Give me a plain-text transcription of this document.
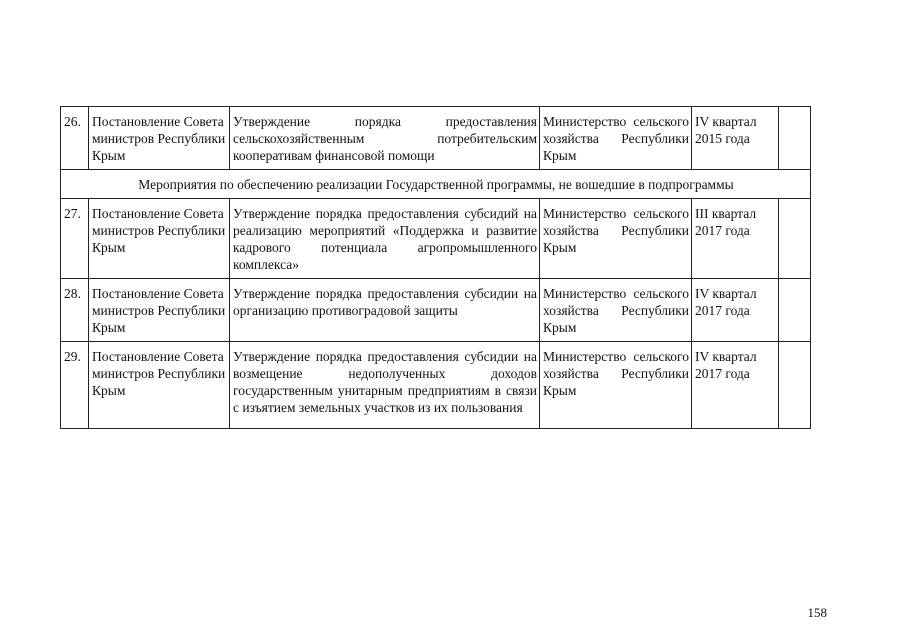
26.	Постановление Совета министров Республики Крым	Утверждение порядка предоставления сельскохозяйственным потребительским кооперативам финансовой помощи	Министерство сельского хозяйства Республики Крым	IV квартал 2015 года	
Мероприятия по обеспечению реализации Государственной программы, не вошедшие в подпрограммы					
27.	Постановление Совета министров Республики Крым	Утверждение порядка предоставления субсидий на реализацию мероприятий «Поддержка и развитие кадрового потенциала агропромышленного комплекса»	Министерство сельского хозяйства Республики Крым	III квартал 2017 года	
28.	Постановление Совета министров Республики Крым	Утверждение порядка предоставления субсидии на организацию противоградовой защиты	Министерство сельского хозяйства Республики Крым	IV квартал 2017 года	
29.	Постановление Совета министров Республики Крым	Утверждение порядка предоставления субсидии на возмещение недополученных доходов государственным унитарным предприятиям в связи с изъятием земельных участков из их пользования	Министерство сельского хозяйства Республики Крым	IV квартал 2017 года	
158
